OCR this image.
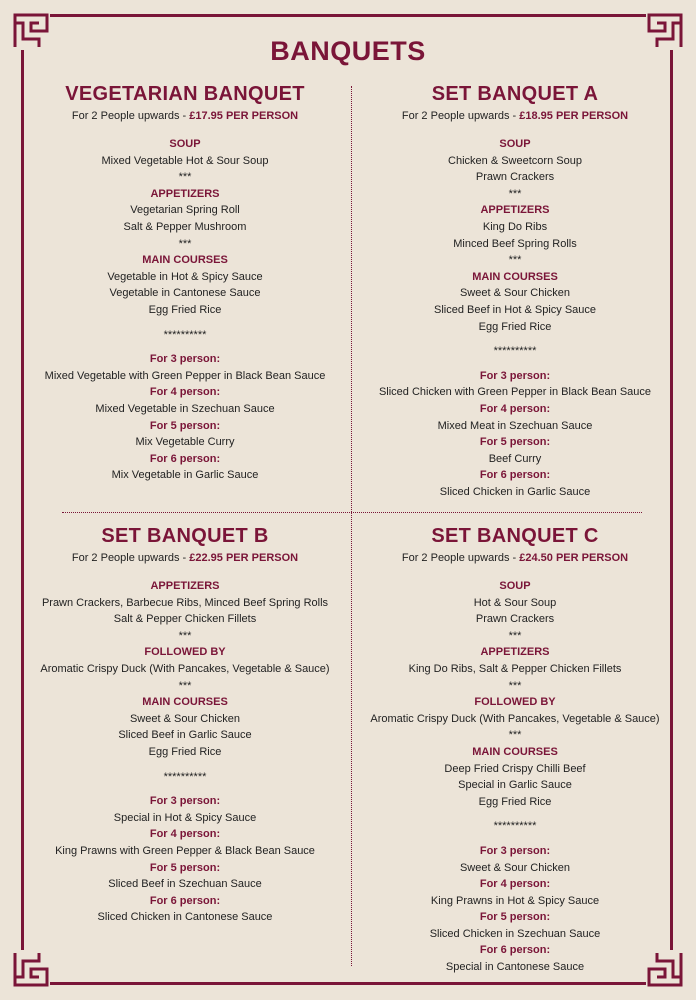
BANQUETS
VEGETARIAN BANQUET
For 2 People upwards - £17.95 PER PERSON
SOUP
Mixed Vegetable Hot & Sour Soup
***
APPETIZERS
Vegetarian Spring Roll
Salt & Pepper Mushroom
***
MAIN COURSES
Vegetable in Hot & Spicy Sauce
Vegetable in Cantonese Sauce
Egg Fried Rice
**********
For 3 person:
Mixed Vegetable with Green Pepper in Black Bean Sauce
For 4 person:
Mixed Vegetable in Szechuan Sauce
For 5 person:
Mix Vegetable Curry
For 6 person:
Mix Vegetable in Garlic Sauce
SET BANQUET A
For 2 People upwards - £18.95 PER PERSON
SOUP
Chicken & Sweetcorn Soup
Prawn Crackers
***
APPETIZERS
King Do Ribs
Minced Beef Spring Rolls
***
MAIN COURSES
Sweet & Sour Chicken
Sliced Beef in Hot & Spicy Sauce
Egg Fried Rice
**********
For 3 person:
Sliced Chicken with Green Pepper in Black Bean Sauce
For 4 person:
Mixed Meat in Szechuan Sauce
For 5 person:
Beef Curry
For 6 person:
Sliced Chicken in Garlic Sauce
SET BANQUET B
For 2 People upwards - £22.95 PER PERSON
APPETIZERS
Prawn Crackers, Barbecue Ribs, Minced Beef Spring Rolls
Salt & Pepper Chicken Fillets
***
FOLLOWED BY
Aromatic Crispy Duck (With Pancakes, Vegetable & Sauce)
***
MAIN COURSES
Sweet & Sour Chicken
Sliced Beef in Garlic Sauce
Egg Fried Rice
**********
For 3 person:
Special in Hot & Spicy Sauce
For 4 person:
King Prawns with Green Pepper & Black Bean Sauce
For 5 person:
Sliced Beef in Szechuan Sauce
For 6 person:
Sliced Chicken in Cantonese Sauce
SET BANQUET C
For 2 People upwards - £24.50 PER PERSON
SOUP
Hot & Sour Soup
Prawn Crackers
***
APPETIZERS
King Do Ribs, Salt & Pepper Chicken Fillets
***
FOLLOWED BY
Aromatic Crispy Duck (With Pancakes, Vegetable & Sauce)
***
MAIN COURSES
Deep Fried Crispy Chilli Beef
Special in Garlic Sauce
Egg Fried Rice
**********
For 3 person:
Sweet & Sour Chicken
For 4 person:
King Prawns in Hot & Spicy Sauce
For 5 person:
Sliced Chicken in Szechuan Sauce
For 6 person:
Special in Cantonese Sauce
